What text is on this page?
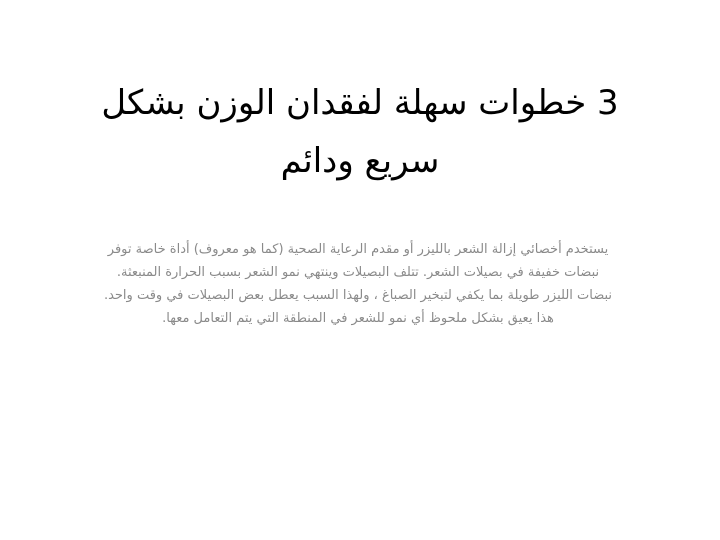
3 خطوات سهلة لفقدان الوزن بشكل سريع ودائم

يستخدم أخصائي إزالة الشعر بالليزر أو مقدم الرعاية الصحية (كما هو معروف) أداة خاصة توفر نبضات خفيفة في بصيلات الشعر. تتلف البصيلات وينتهي نمو الشعر بسبب الحرارة المنبعثة. نبضات الليزر طويلة بما يكفي لتبخير الصباغ ، ولهذا السبب يعطل بعض البصيلات في وقت واحد. هذا يعيق بشكل ملحوظ أي نمو للشعر في المنطقة التي يتم التعامل معها.
